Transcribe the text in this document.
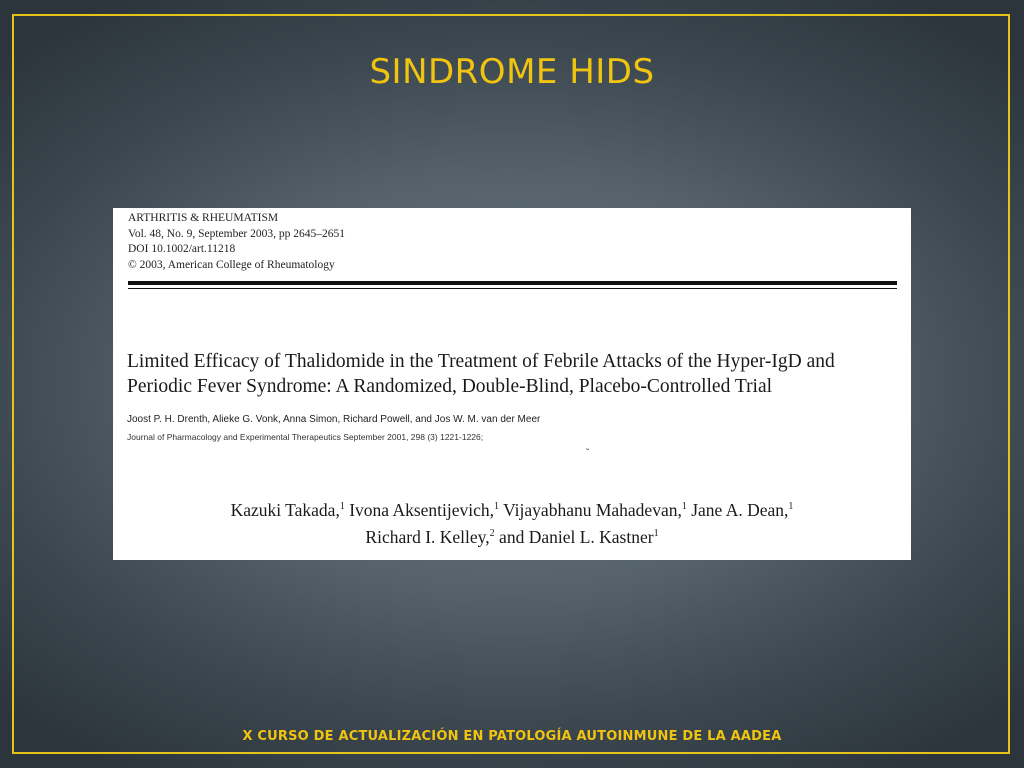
SINDROME HIDS
ARTHRITIS & RHEUMATISM
Vol. 48, No. 9, September 2003, pp 2645–2651
DOI 10.1002/art.11218
© 2003, American College of Rheumatology
Limited Efficacy of Thalidomide in the Treatment of Febrile Attacks of the Hyper-IgD and
Periodic Fever Syndrome: A Randomized, Double-Blind, Placebo-Controlled Trial
Joost P. H. Drenth, Alieke G. Vonk, Anna Simon, Richard Powell, and Jos W. M. van der Meer
Journal of Pharmacology and Experimental Therapeutics September 2001, 298 (3) 1221-1226;
ˇ
Kazuki Takada,$^1$ Ivona Aksentijevich,$^1$ Vijayabhanu Mahadevan,$^1$ Jane A. Dean,$^1$
Richard I. Kelley,$^2$ and Daniel L. Kastner$^1$
X CURSO DE ACTUALIZACIÓN EN PATOLOGÍA AUTOINMUNE DE LA AADEA
